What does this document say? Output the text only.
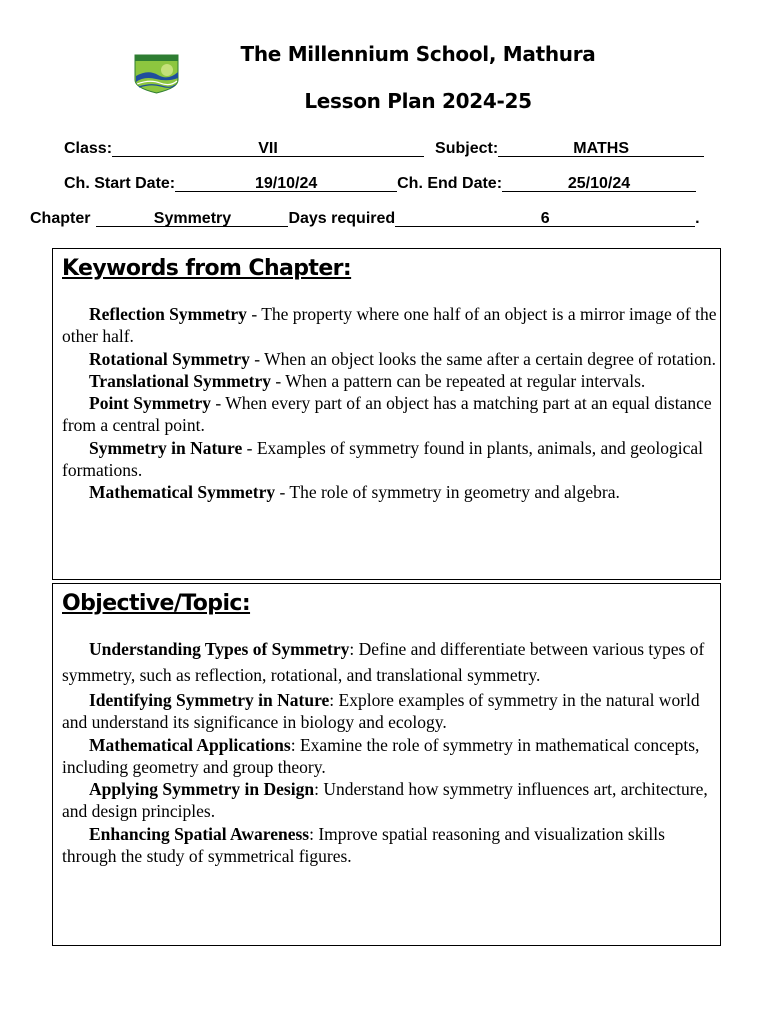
The Millennium School, Mathura
Lesson Plan 2024-25
Class:	VII	Subject:	MATHS
Ch. Start Date:	19/10/24	Ch. End Date:	25/10/24
Chapter	Symmetry	Days required	6	.
Keywords from Chapter:

Reflection Symmetry - The property where one half of an object is a mirror image of the other half.

Rotational Symmetry - When an object looks the same after a certain degree of rotation.

Translational Symmetry - When a pattern can be repeated at regular intervals.

Point Symmetry - When every part of an object has a matching part at an equal distance from a central point.

Symmetry in Nature - Examples of symmetry found in plants, animals, and geological formations.

Mathematical Symmetry - The role of symmetry in geometry and algebra.

Objective/Topic:

Understanding Types of Symmetry: Define and differentiate between various types of symmetry, such as reflection, rotational, and translational symmetry.

Identifying Symmetry in Nature: Explore examples of symmetry in the natural world and understand its significance in biology and ecology.

Mathematical Applications: Examine the role of symmetry in mathematical concepts, including geometry and group theory.

Applying Symmetry in Design: Understand how symmetry influences art, architecture, and design principles.

Enhancing Spatial Awareness: Improve spatial reasoning and visualization skills through the study of symmetrical figures.
